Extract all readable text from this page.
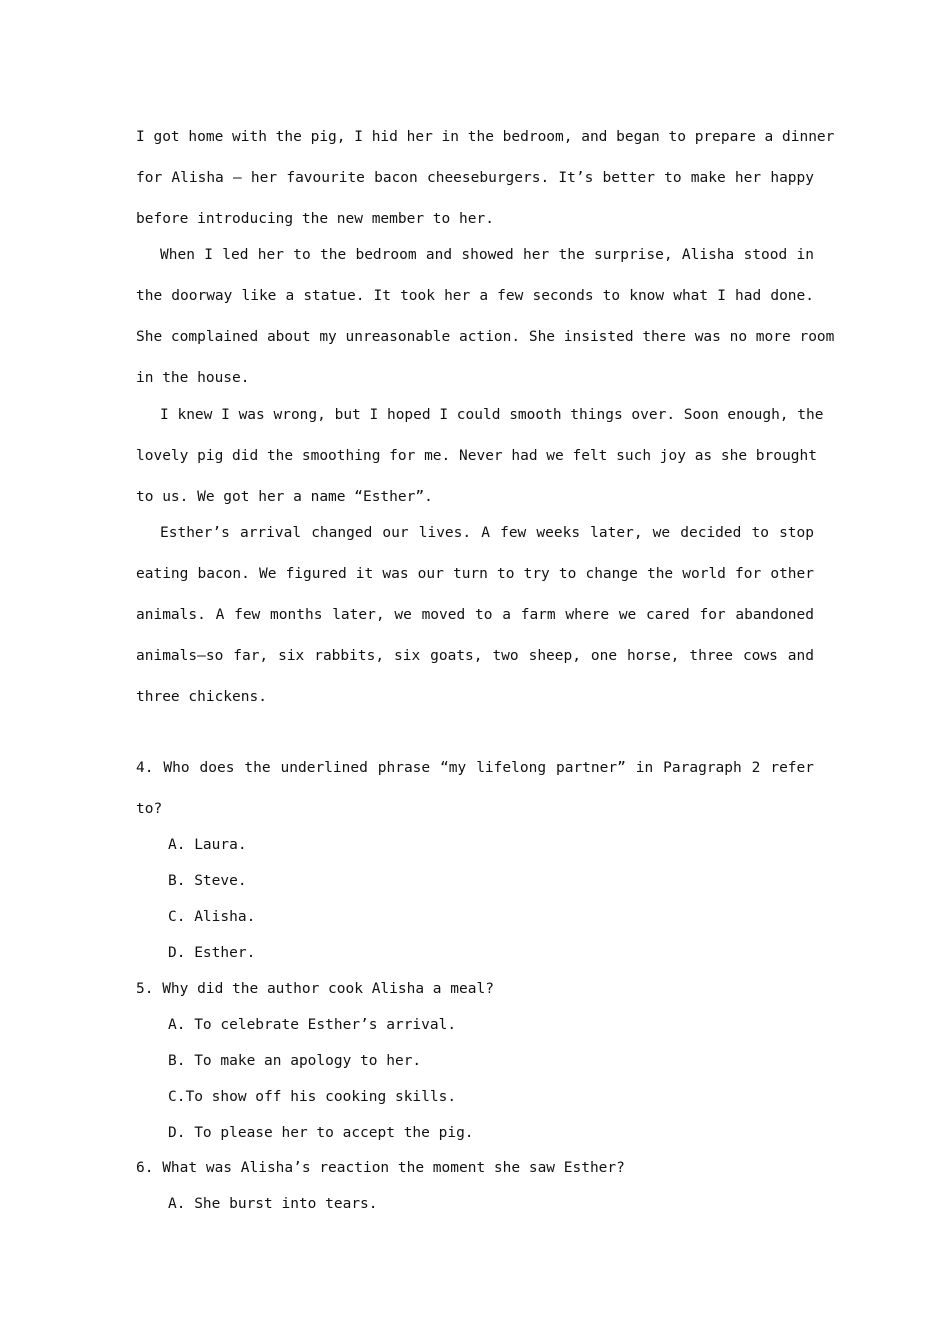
I got home with the pig, I hid her in the bedroom, and began to prepare a dinner
for Alisha — her favourite bacon cheeseburgers. It’s better to make her happy
before introducing the new member to her.
When I led her to the bedroom and showed her the surprise, Alisha stood in
the doorway like a statue. It took her a few seconds to know what I had done.
She complained about my unreasonable action. She insisted there was no more room
in the house.
I knew I was wrong, but I hoped I could smooth things over. Soon enough, the
lovely pig did the smoothing for me. Never had we felt such joy as she brought
to us. We got her a name “Esther”.
Esther’s arrival changed our lives. A few weeks later, we decided to stop
eating bacon. We figured it was our turn to try to change the world for other
animals. A few months later, we moved to a farm where we cared for abandoned
animals—so far, six rabbits, six goats, two sheep, one horse, three cows and
three chickens.
4. Who does the underlined phrase “my lifelong partner” in Paragraph 2 refer
to?
A. Laura.
B. Steve.
C. Alisha.
D. Esther.
5. Why did the author cook Alisha a meal?
A. To celebrate Esther’s arrival.
B. To make an apology to her.
C.To show off his cooking skills.
D. To please her to accept the pig.
6. What was Alisha’s reaction the moment she saw Esther?
A. She burst into tears.
